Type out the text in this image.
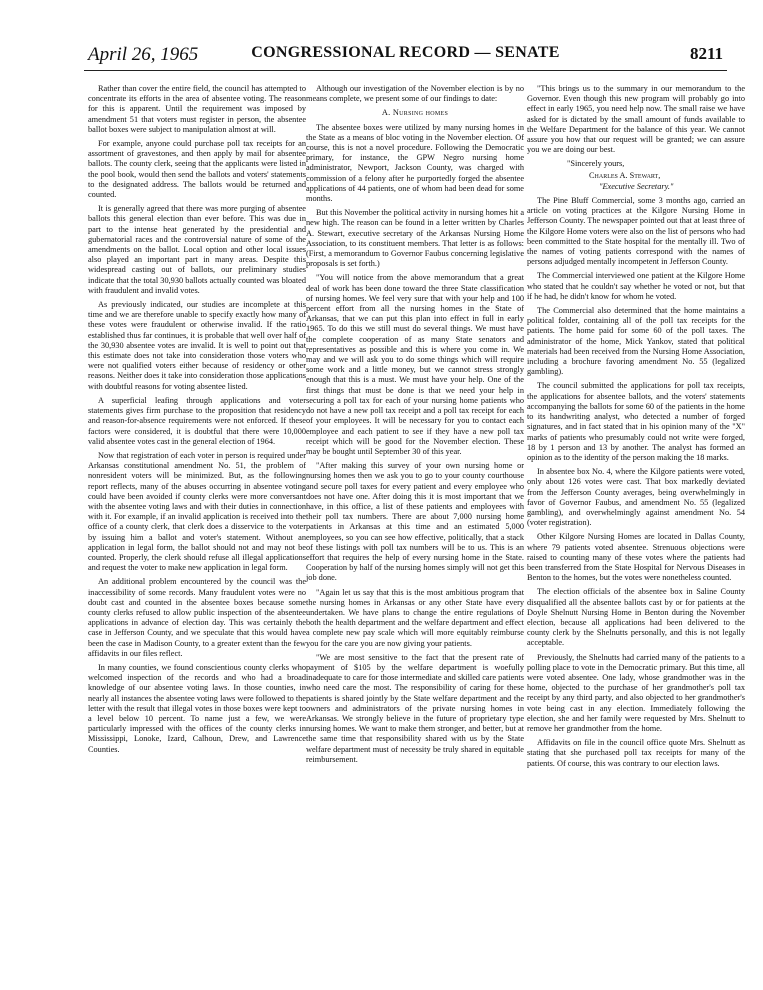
April 26, 1965	CONGRESSIONAL RECORD — SENATE	8211

Rather than cover the entire field, the council has attempted to concentrate its efforts in the area of absentee voting. The reason for this is apparent. Until the requirement was imposed by amendment 51 that voters must register in person, the absentee ballot boxes were subject to manipulation almost at will.

For example, anyone could purchase poll tax receipts for an assortment of gravestones, and then apply by mail for absentee ballots. The county clerk, seeing that the applicants were listed in the pool book, would then send the ballots and voters' statements to the designated address. The ballots would be returned and counted.

It is generally agreed that there was more purging of absentee ballots this general election than ever before. This was due in part to the intense heat generated by the presidential and gubernatorial races and the controversial nature of some of the amendments on the ballot. Local option and other local issues also played an important part in many areas. Despite this widespread casting out of ballots, our preliminary studies indicate that the total 30,930 ballots actually counted was bloated with fraudulent and invalid votes.

As previously indicated, our studies are incomplete at this time and we are therefore unable to specify exactly how many of these votes were fraudulent or otherwise invalid. If the ratio established thus far continues, it is probable that well over half of the 30,930 absentee votes are invalid. It is well to point out that this estimate does not take into consideration those voters who were not qualified voters either because of residency or other reasons. Neither does it take into consideration those applications with doubtful reasons for voting absentee listed.

A superficial leafing through applications and voter statements gives firm purchase to the proposition that residency and reason-for-absence requirements were not enforced. If these factors were considered, it is doubtful that there were 10,000 valid absentee votes cast in the general election of 1964.

Now that registration of each voter in person is required under Arkansas constitutional amendment No. 51, the problem of nonresident voters will be minimized. But, as the following report reflects, many of the abuses occurring in absentee voting could have been avoided if county clerks were more conversant with the absentee voting laws and with their duties in connection with it. For example, if an invalid application is received into the office of a county clerk, that clerk does a disservice to the voter by issuing him a ballot and voter's statement. Without an application in legal form, the ballot should not and may not be counted. Properly, the clerk should refuse all illegal applications and request the voter to make new application in legal form.

An additional problem encountered by the council was the inaccessibility of some records. Many fraudulent votes were no doubt cast and counted in the absentee boxes because some county clerks refused to allow public inspection of the absentee applications in advance of election day. This was certainly the case in Jefferson County, and we speculate that this would have been the case in Madison County, to a greater extent than the few affidavits in our files reflect.

In many counties, we found conscientious county clerks who welcomed inspection of the records and who had a broad knowledge of our absentee voting laws. In those counties, in nearly all instances the absentee voting laws were followed to the letter with the result that illegal votes in those boxes were kept to a level below 10 percent. To name just a few, we were particularly impressed with the offices of the county clerks in Mississippi, Lonoke, Izard, Calhoun, Drew, and Lawrence Counties.

Although our investigation of the November election is by no means complete, we present some of our findings to date:

A. Nursing homes

The absentee boxes were utilized by many nursing homes in the State as a means of bloc voting in the November election. Of course, this is not a novel procedure. Following the Democratic primary, for instance, the GPW Negro nursing home administrator, Newport, Jackson County, was charged with commission of a felony after he purportedly forged the absentee applications of 44 patients, one of whom had been dead for some months.

But this November the political activity in nursing homes hit a new high. The reason can be found in a letter written by Charles A. Stewart, executive secretary of the Arkansas Nursing Home Association, to its constituent members. That letter is as follows: (First, a memorandum to Governor Faubus concerning legislative proposals is set forth.)

"You will notice from the above memorandum that a great deal of work has been done toward the three State classification of nursing homes. We feel very sure that with your help and 100 percent effort from all the nursing homes in the State of Arkansas, that we can put this plan into effect in full in early 1965. To do this we still must do several things. We must have the complete cooperation of as many State senators and representatives as possible and this is where you come in. We may and we will ask you to do some things which will require some work and a little money, but we cannot stress strongly enough that this is a must. We must have your help. One of the first things that must be done is that we need your help in securing a poll tax for each of your nursing home patients who do not have a new poll tax receipt and a poll tax receipt for each of your employees. It will be necessary for you to contact each employee and each patient to see if they have a new poll tax receipt which will be good for the November election. These may be bought until September 30 of this year.

"After making this survey of your own nursing home or nursing homes then we ask you to go to your county courthouse and secure poll taxes for every patient and every employee who does not have one. After doing this it is most important that we have, in this office, a list of these patients and employees with their poll tax numbers. There are about 7,000 nursing home patients in Arkansas at this time and an estimated 5,000 employees, so you can see how effective, politically, that a stack of these listings with poll tax numbers will be to us. This is an effort that requires the help of every nursing home in the State. Cooperation by half of the nursing homes simply will not get this job done.

"Again let us say that this is the most ambitious program that the nursing homes in Arkansas or any other State have every undertaken. We have plans to change the entire regulations of both the health department and the welfare department and effect a complete new pay scale which will more equitably reimburse you for the care you are now giving your patients.

"We are most sensitive to the fact that the present rate of payment of $105 by the welfare department is woefully inadequate to care for those intermediate and skilled care patients who need care the most. The responsibility of caring for these patients is shared jointly by the State welfare department and the owners and administrators of the private nursing homes in Arkansas. We strongly believe in the future of proprietary type nursing homes. We want to make them stronger, and better, but at the same time that responsibility shared with us by the State welfare department must of necessity be truly shared in equitable reimbursement.

"This brings us to the summary in our memorandum to the Governor. Even though this new program will probably go into effect in early 1965, you need help now. The small raise we have asked for is dictated by the small amount of funds available to the Welfare Department for the balance of this year. We cannot assure you how that our request will be granted; we can assure you we are doing our best.

"Sincerely yours,

Charles A. Stewart,

"Executive Secretary."

The Pine Bluff Commercial, some 3 months ago, carried an article on voting practices at the Kilgore Nursing Home in Jefferson County. The newspaper pointed out that at least three of the Kilgore Home voters were also on the list of persons who had been committed to the State hospital for the mentally ill. Two of the names of voting patients correspond with the names of persons adjudged mentally incompetent in Jefferson County.

The Commercial interviewed one patient at the Kilgore Home who stated that he couldn't say whether he voted or not, but that if he had, he didn't know for whom he voted.

The Commercial also determined that the home maintains a political folder, containing all of the poll tax receipts for the patients. The home paid for some 60 of the poll taxes. The administrator of the home, Mick Yankov, stated that political materials had been received from the Nursing Home Association, including a brochure favoring amendment No. 55 (legalized gambling).

The council submitted the applications for poll tax receipts, the applications for absentee ballots, and the voters' statements accompanying the ballots for some 60 of the patients in the home to its handwriting analyst, who detected a number of forged signatures, and in fact stated that in his opinion many of the "X" marks of patients who presumably could not write were forged, 18 by 1 person and 13 by another. The analyst has formed an opinion as to the identity of the person making the 18 marks.

In absentee box No. 4, where the Kilgore patients were voted, only about 126 votes were cast. That box markedly deviated from the Jefferson County averages, being overwhelmingly in favor of Governor Faubus, and amendment No. 55 (legalized gambling), and overwhelmingly against amendment No. 54 (voter registration).

Other Kilgore Nursing Homes are located in Dallas County, where 79 patients voted absentee. Strenuous objections were raised to counting many of these votes where the patients had been transferred from the State Hospital for Nervous Diseases in Benton to the homes, but the votes were nonetheless counted.

The election officials of the absentee box in Saline County disqualified all the absentee ballots cast by or for patients at the Doyle Shelnutt Nursing Home in Benton during the November election, because all applications had been delivered to the county clerk by the Shelnutts personally, and this is not legally acceptable.

Previously, the Shelnutts had carried many of the patients to a polling place to vote in the Democratic primary. But this time, all were voted absentee. One lady, whose grandmother was in the home, objected to the purchase of her grandmother's poll tax receipt by any third party, and also objected to her grandmother's vote being cast in any election. Immediately following the election, she and her family were requested by Mrs. Shelnutt to remove her grandmother from the home.

Affidavits on file in the council office quote Mrs. Shelnutt as stating that she purchased poll tax receipts for many of the patients. Of course, this was contrary to our election laws.
